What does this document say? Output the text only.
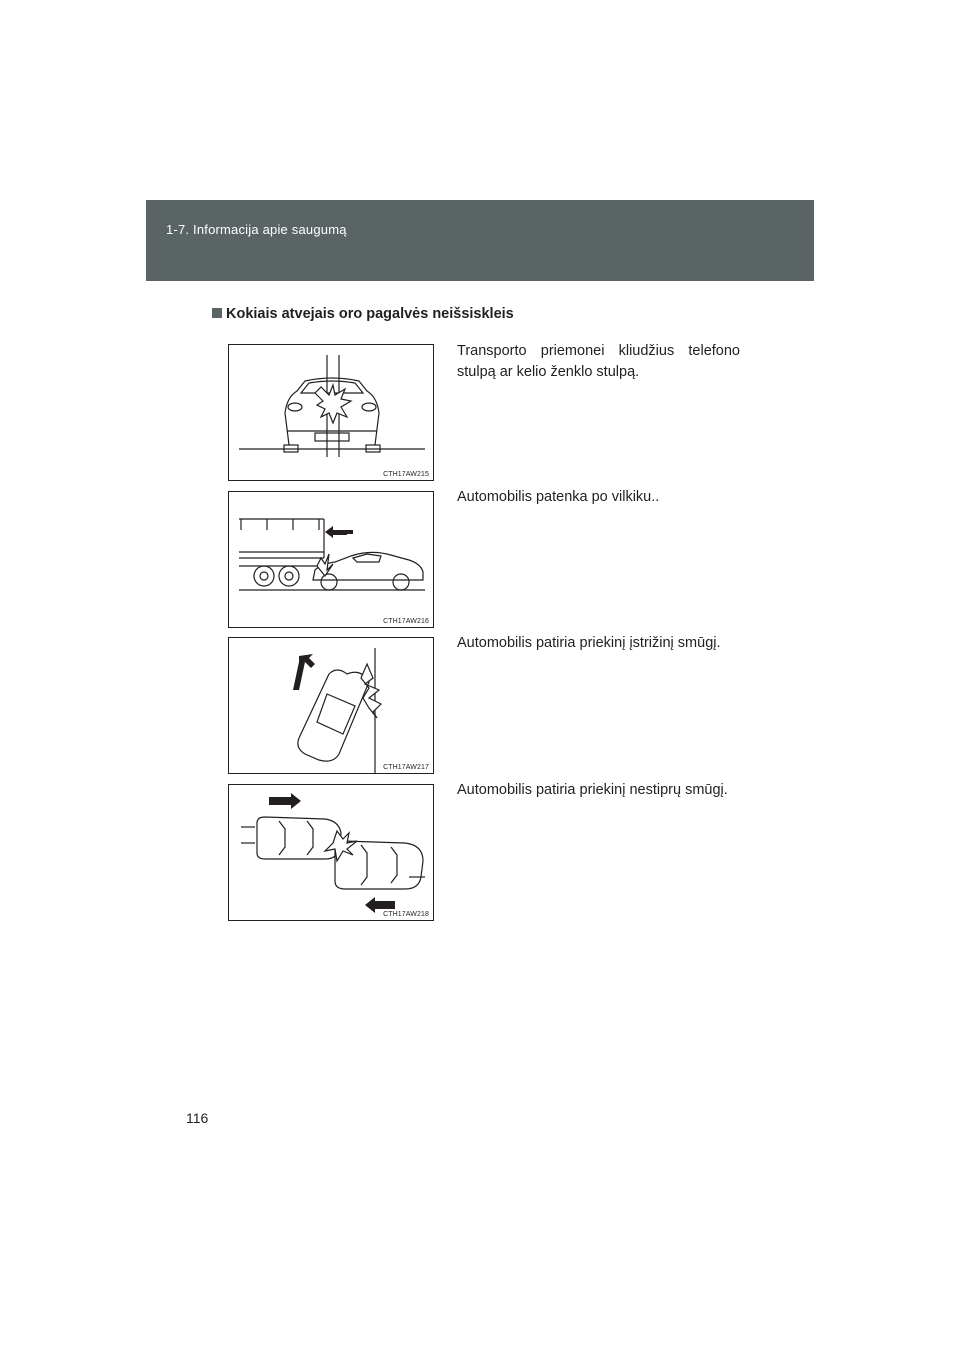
1-7. Informacija apie saugumą
Kokiais atvejais oro pagalvės neišsiskleis
CTH17AW215
Transporto priemonei kliudžius telefono stulpą ar kelio ženklo stulpą.
CTH17AW216
Automobilis patenka po vilkiku..
CTH17AW217
Automobilis patiria priekinį įstrižinį smūgį.
CTH17AW218
Automobilis patiria priekinį nestiprų smūgį.
116
